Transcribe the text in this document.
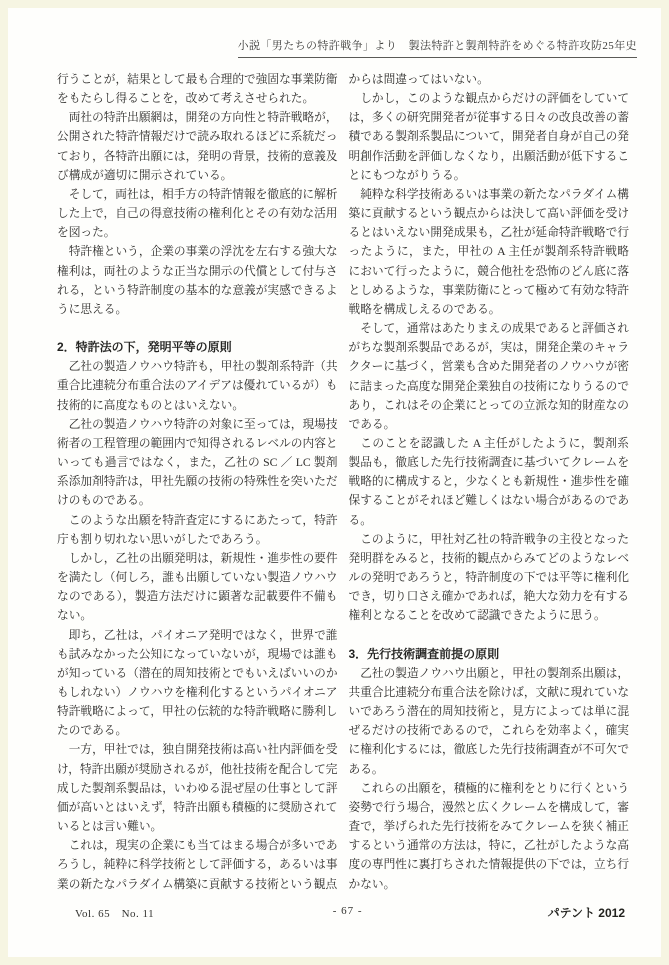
小説「男たちの特許戦争」より　製法特許と製剤特許をめぐる特許攻防25年史

行うことが，結果として最も合理的で強固な事業防衛をもたらし得ることを，改めて考えさせられた。

両社の特許出願網は，開発の方向性と特許戦略が，公開された特許情報だけで読み取れるほどに系統だっており，各特許出願には，発明の背景，技術的意義及び構成が適切に開示されている。

そして，両社は，相手方の特許情報を徹底的に解析した上で，自己の得意技術の権利化とその有効な活用を図った。

特許権という，企業の事業の浮沈を左右する強大な権利は，両社のような正当な開示の代償として付与される，という特許制度の基本的な意義が実感できるように思える。

2．特許法の下，発明平等の原則

乙社の製造ノウハウ特許も，甲社の製剤系特許（共重合比連続分布重合法のアイデアは優れているが）も技術的に高度なものとはいえない。

乙社の製造ノウハウ特許の対象に至っては，現場技術者の工程管理の範囲内で知得されるレベルの内容といっても過言ではなく，また，乙社の SC ／ LC 製剤系添加剤特許は，甲社先願の技術の特殊性を突いただけのものである。

このような出願を特許査定にするにあたって，特許庁も割り切れない思いがしたであろう。

しかし，乙社の出願発明は，新規性・進歩性の要件を満たし（何しろ，誰も出願していない製造ノウハウなのである），製造方法だけに顕著な記載要件不備もない。

即ち，乙社は，パイオニア発明ではなく，世界で誰も試みなかった公知になっていないが，現場では誰もが知っている（潜在的周知技術とでもいえばいいのかもしれない）ノウハウを権利化するというパイオニア特許戦略によって，甲社の伝統的な特許戦略に勝利したのである。

一方，甲社では，独自開発技術は高い社内評価を受け，特許出願が奨励されるが，他社技術を配合して完成した製剤系製品は，いわゆる混ぜ屋の仕事として評価が高いとはいえず，特許出願も積極的に奨励されているとは言い難い。

これは，現実の企業にも当てはまる場合が多いであろうし，純粋に科学技術として評価する，あるいは事業の新たなパラダイム構築に貢献する技術という観点

からは間違ってはいない。

しかし，このような観点からだけの評価をしていては，多くの研究開発者が従事する日々の改良改善の蓄積である製剤系製品について，開発者自身が自己の発明創作活動を評価しなくなり，出願活動が低下することにもつながりうる。

純粋な科学技術あるいは事業の新たなパラダイム構築に貢献するという観点からは決して高い評価を受けるとはいえない開発成果も，乙社が延命特許戦略で行ったように，また，甲社の A 主任が製剤系特許戦略において行ったように，競合他社を恐怖のどん底に落としめるような，事業防衛にとって極めて有効な特許戦略を構成しえるのである。

そして，通常はあたりまえの成果であると評価されがちな製剤系製品であるが，実は，開発企業のキャラクターに基づく，営業も含めた開発者のノウハウが密に詰まった高度な開発企業独自の技術になりうるのであり，これはその企業にとっての立派な知的財産なのである。

このことを認識した A 主任がしたように，製剤系製品も，徹底した先行技術調査に基づいてクレームを戦略的に構成すると，少なくとも新規性・進歩性を確保することがそれほど難しくはない場合があるのである。

このように，甲社対乙社の特許戦争の主役となった発明群をみると，技術的観点からみてどのようなレベルの発明であろうと，特許制度の下では平等に権利化でき，切り口さえ確かであれば，絶大な効力を有する権利となることを改めて認識できたように思う。

3．先行技術調査前提の原則

乙社の製造ノウハウ出願と，甲社の製剤系出願は，共重合比連続分布重合法を除けば，文献に現れていないであろう潜在的周知技術と，見方によっては単に混ぜるだけの技術であるので，これらを効率よく，確実に権利化するには，徹底した先行技術調査が不可欠である。

これらの出願を，積極的に権利をとりに行くという姿勢で行う場合，漫然と広くクレームを構成して，審査で，挙げられた先行技術をみてクレームを狭く補正するという通常の方法は，特に，乙社がしたような高度の専門性に裏打ちされた情報提供の下では，立ち行かない。

Vol. 65　No. 11	- 67 -	パテント 2012
